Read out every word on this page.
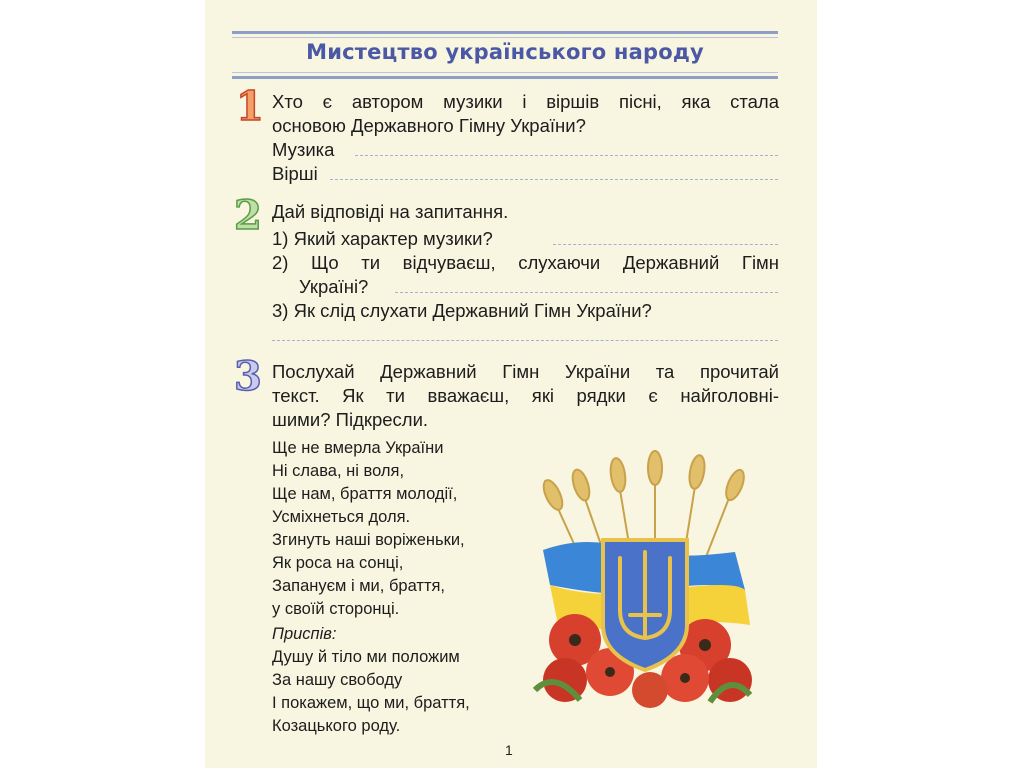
Мистецтво українського народу
1 Хто є автором музики і віршів пісні, яка стала
основою Державного Гімну України?
Музика
Вірші
2 Дай відповіді на запитання.
1) Який характер музики?
2) Що ти відчуваєш, слухаючи Державний Гімн
Україні?
3) Як слід слухати Державний Гімн України?
3 Послухай Державний Гімн України та прочитай
текст. Як ти вважаєш, які рядки є найголовні-
шими? Підкресли.
Ще не вмерла України
Ні слава, ні воля,
Ще нам, браття молодії,
Усміхнеться доля.
Згинуть наші воріженьки,
Як роса на сонці,
Запануєм і ми, браття,
у своїй сторонці.
Приспів:
Душу й тіло ми положим
За нашу свободу
І покажем, що ми, браття,
Козацького роду.
1
